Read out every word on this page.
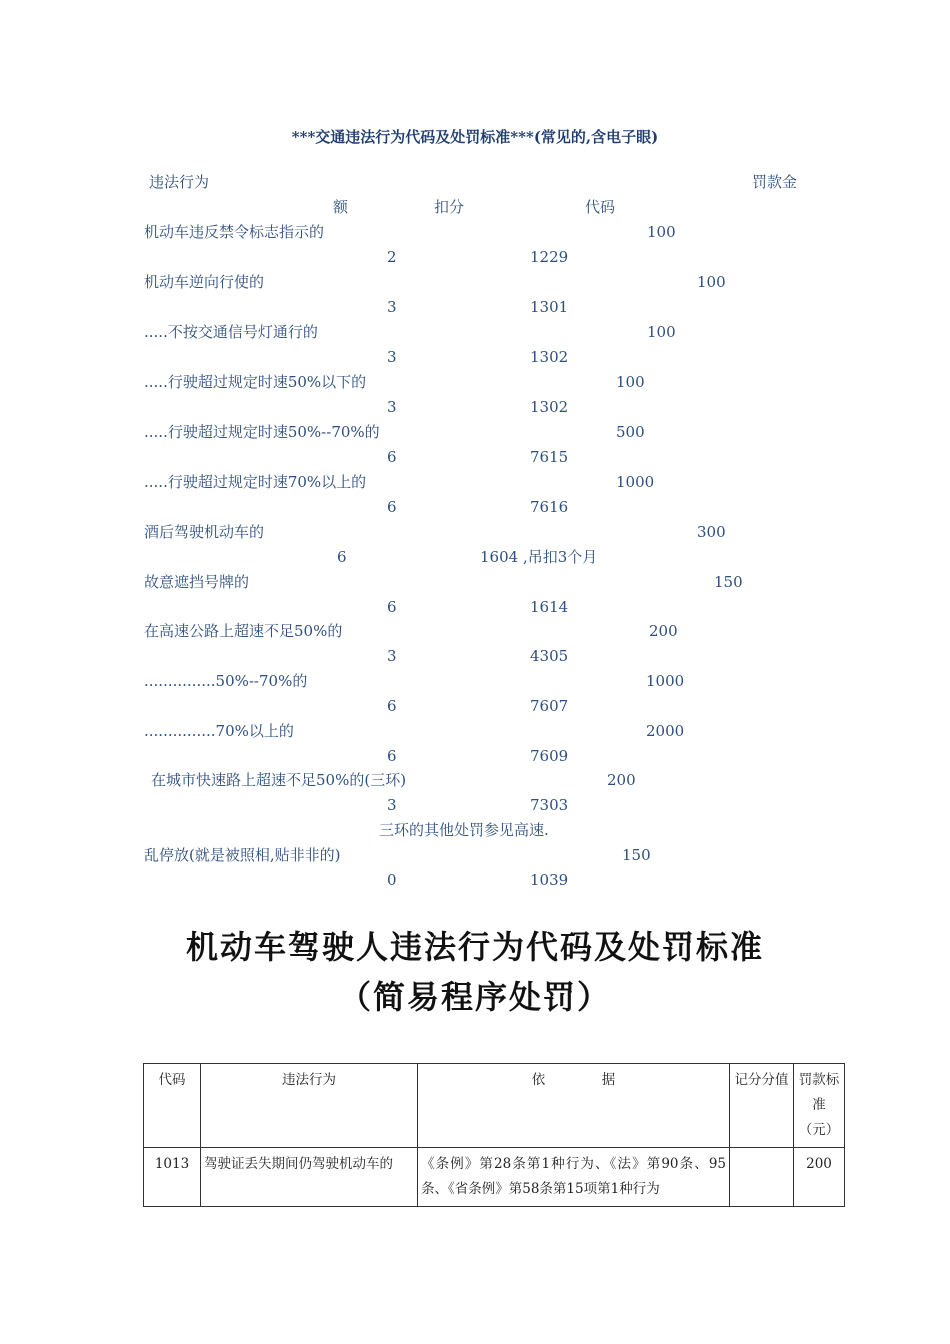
***交通违法行为代码及处罚标准***(常见的,含电子眼)
违法行为	罚款金
额	扣分	代码
机动车违反禁令标志指示的	100
2	1229
机动车逆向行使的	100
3	1301
.....不按交通信号灯通行的	100
3	1302
.....行驶超过规定时速50%以下的	100
3	1302
.....行驶超过规定时速50%--70%的	500
6	7615
.....行驶超过规定时速70%以上的	1000
6	7616
酒后驾驶机动车的	300
6	1604 ,吊扣3个月
故意遮挡号牌的	150
6	1614
在高速公路上超速不足50%的	200
3	4305
...............50%--70%的	1000
6	7607
...............70%以上的	2000
6	7609
在城市快速路上超速不足50%的(三环)	200
3	7303
三环的其他处罚参见高速.
乱停放(就是被照相,贴非非的)	150
0	1039
机动车驾驶人违法行为代码及处罚标准
（简易程序处罚）
代码	违法行为	依 据	记分分值	罚款标准（元）
1013	驾驶证丢失期间仍驾驶机动车的	《条例》第28条第1种行为、《法》第90条、95条、《省条例》第58条第15项第1种行为		200
